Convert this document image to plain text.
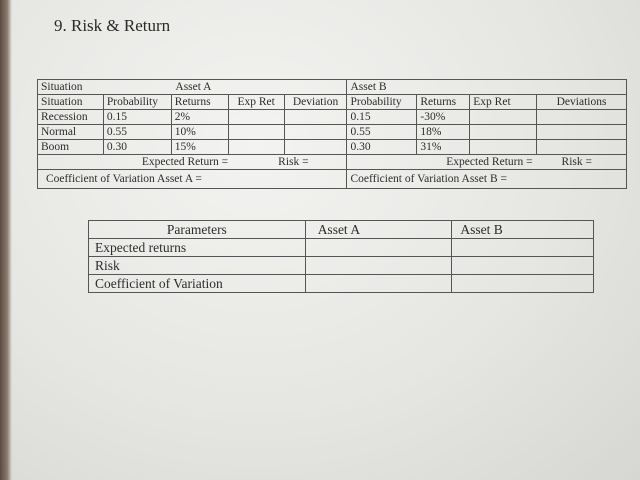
9. Risk & Return
Situation	Asset A				Asset B			
Situation	Probability	Returns	Exp Ret	Deviation	Probability	Returns	Exp Ret	Deviations
Recession	0.15	2%			0.15	-30%		
Normal	0.55	10%			0.55	18%		
Boom	0.30	15%			0.30	31%		
Expected Return =			Risk =		Expected Return =			Risk =
Coefficient of Variation Asset A =					Coefficient of Variation Asset B =			
Parameters	Asset A	Asset B
Expected returns		
Risk		
Coefficient of Variation		
